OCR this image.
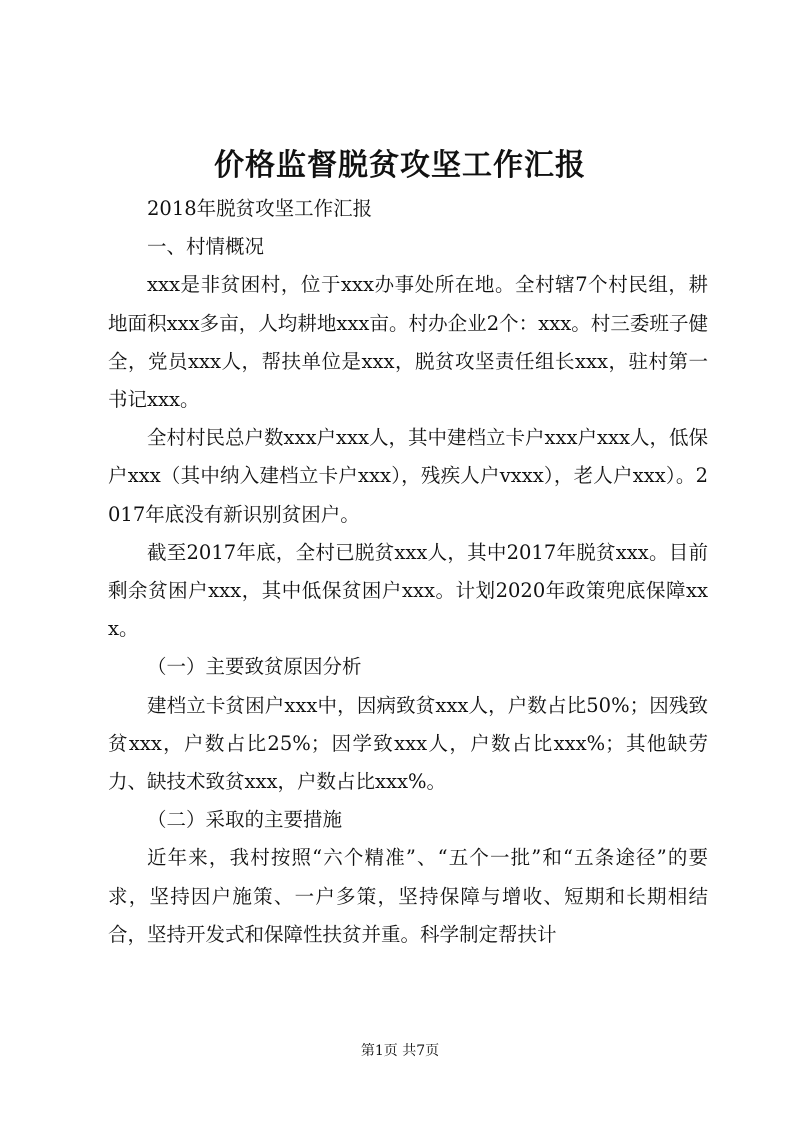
价格监督脱贫攻坚工作汇报

2018年脱贫攻坚工作汇报

一、村情概况

xxx是非贫困村，位于xxx办事处所在地。全村辖7个村民组，耕地面积xxx多亩，人均耕地xxx亩。村办企业2个：xxx。村三委班子健全，党员xxx人，帮扶单位是xxx，脱贫攻坚责任组长xxx，驻村第一书记xxx。

全村村民总户数xxx户xxx人，其中建档立卡户xxx户xxx人，低保户xxx（其中纳入建档立卡户xxx），残疾人户vxxx），老人户xxx）。2017年底没有新识别贫困户。

截至2017年底，全村已脱贫xxx人，其中2017年脱贫xxx。目前剩余贫困户xxx，其中低保贫困户xxx。计划2020年政策兜底保障xxx。

（一）主要致贫原因分析

建档立卡贫困户xxx中，因病致贫xxx人，户数占比50%；因残致贫xxx，户数占比25%；因学致xxx人，户数占比xxx%；其他缺劳力、缺技术致贫xxx，户数占比xxx%。

（二）采取的主要措施

近年来，我村按照“六个精准”、“五个一批”和“五条途径”的要求，坚持因户施策、一户多策，坚持保障与增收、短期和长期相结合，坚持开发式和保障性扶贫并重。科学制定帮扶计

第1页 共7页
